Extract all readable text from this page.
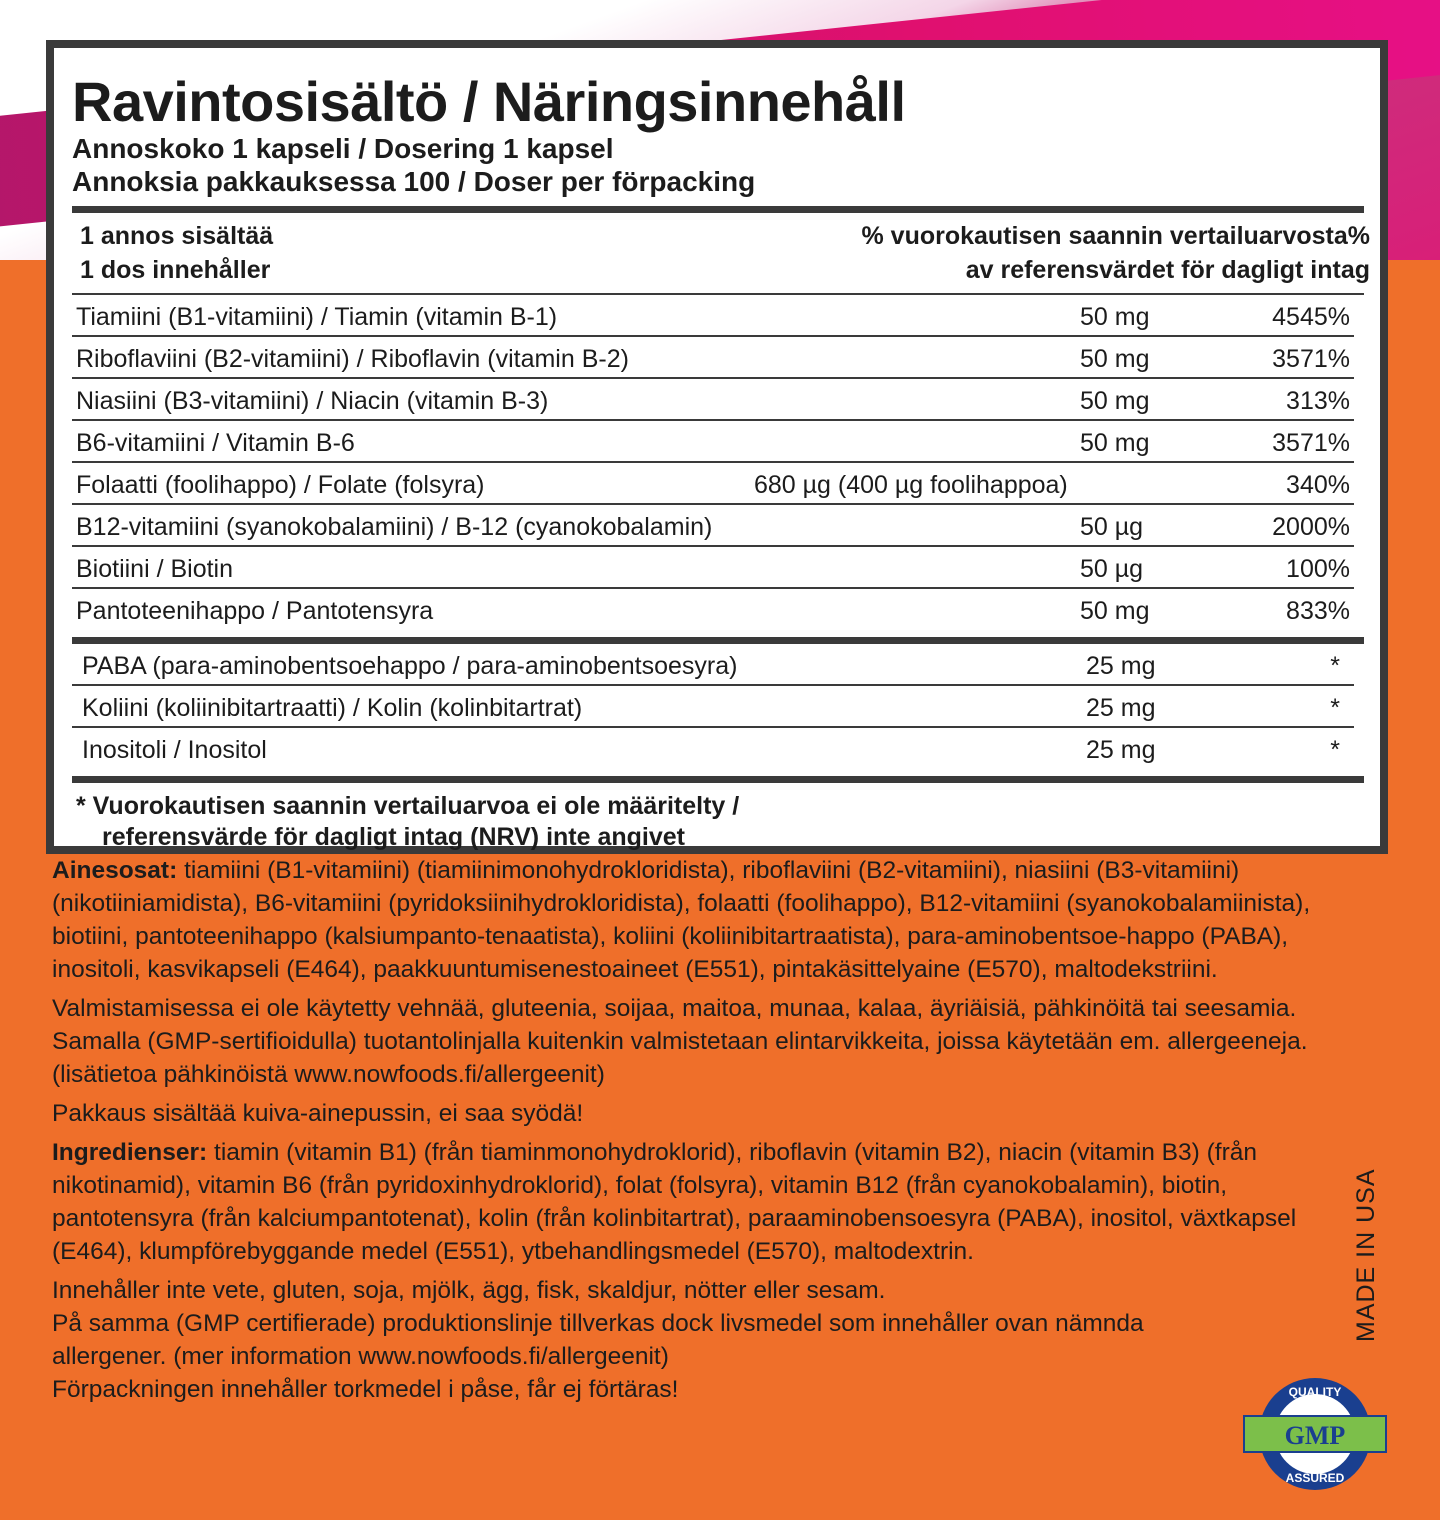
Ravintosisältö / Näringsinnehåll
Annoskoko 1 kapseli / Dosering 1 kapsel
Annoksia pakkauksessa 100 / Doser per förpacking
1 annos sisältää
1 dos innehåller
% vuorokautisen saannin vertailuarvosta%
av referensvärdet för dagligt intag
Tiamiini (B1-vitamiini) / Tiamin (vitamin B-1)	50 mg	4545%
Riboflaviini (B2-vitamiini) / Riboflavin (vitamin B-2)	50 mg	3571%
Niasiini (B3-vitamiini) / Niacin (vitamin B-3)	50 mg	313%
B6-vitamiini / Vitamin B-6	50 mg	3571%
Folaatti (foolihappo) / Folate (folsyra)	680 µg (400 µg foolihappoa)	340%
B12-vitamiini (syanokobalamiini) / B-12 (cyanokobalamin)	50 µg	2000%
Biotiini / Biotin	50 µg	100%
Pantoteenihappo / Pantotensyra	50 mg	833%
PABA (para-aminobentsoehappo / para-aminobentsoesyra)	25 mg	*
Koliini (koliinibitartraatti) / Kolin (kolinbitartrat)	25 mg	*
Inositoli / Inositol	25 mg	*
* Vuorokautisen saannin vertailuarvoa ei ole määritelty /
referensvärde för dagligt intag (NRV) inte angivet

Ainesosat: tiamiini (B1-vitamiini) (tiamiinimonohydrokloridista), riboflaviini (B2-vitamiini), niasiini (B3-vitamiini) (nikotiiniamidista), B6-vitamiini (pyridoksiinihydrokloridista), folaatti (foolihappo), B12-vitamiini (syanokobalamiinista), biotiini, pantoteenihappo (kalsiumpanto-tenaatista), koliini (koliinibitartraatista), para-aminobentsoe-happo (PABA), inositoli, kasvikapseli (E464), paakkuuntumisenestoaineet (E551), pintakäsittelyaine (E570), maltodekstriini.

Valmistamisessa ei ole käytetty vehnää, gluteenia, soijaa, maitoa, munaa, kalaa, äyriäisiä, pähkinöitä tai seesamia. Samalla (GMP-sertifioidulla) tuotantolinjalla kuitenkin valmistetaan elintarvikkeita, joissa käytetään em. allergeeneja. (lisätietoa pähkinöistä www.nowfoods.fi/allergeenit)

Pakkaus sisältää kuiva-ainepussin, ei saa syödä!

Ingredienser: tiamin (vitamin B1) (från tiaminmonohydroklorid), riboflavin (vitamin B2), niacin (vitamin B3) (från nikotinamid), vitamin B6 (från pyridoxinhydroklorid), folat (folsyra), vitamin B12 (från cyanokobalamin), biotin, pantotensyra (från kalciumpantotenat), kolin (från kolinbitartrat), paraaminobensoesyra (PABA), inositol, växtkapsel (E464), klumpförebyggande medel (E551), ytbehandlingsmedel (E570), maltodextrin.

Innehåller inte vete, gluten, soja, mjölk, ägg, fisk, skaldjur, nötter eller sesam.
På samma (GMP certifierade) produktionslinje tillverkas dock livsmedel som innehåller ovan nämnda allergener. (mer information www.nowfoods.fi/allergeenit)
Förpackningen innehåller torkmedel i påse, får ej förtäras!
MADE IN USA
GMP
QUALITY
ASSURED
